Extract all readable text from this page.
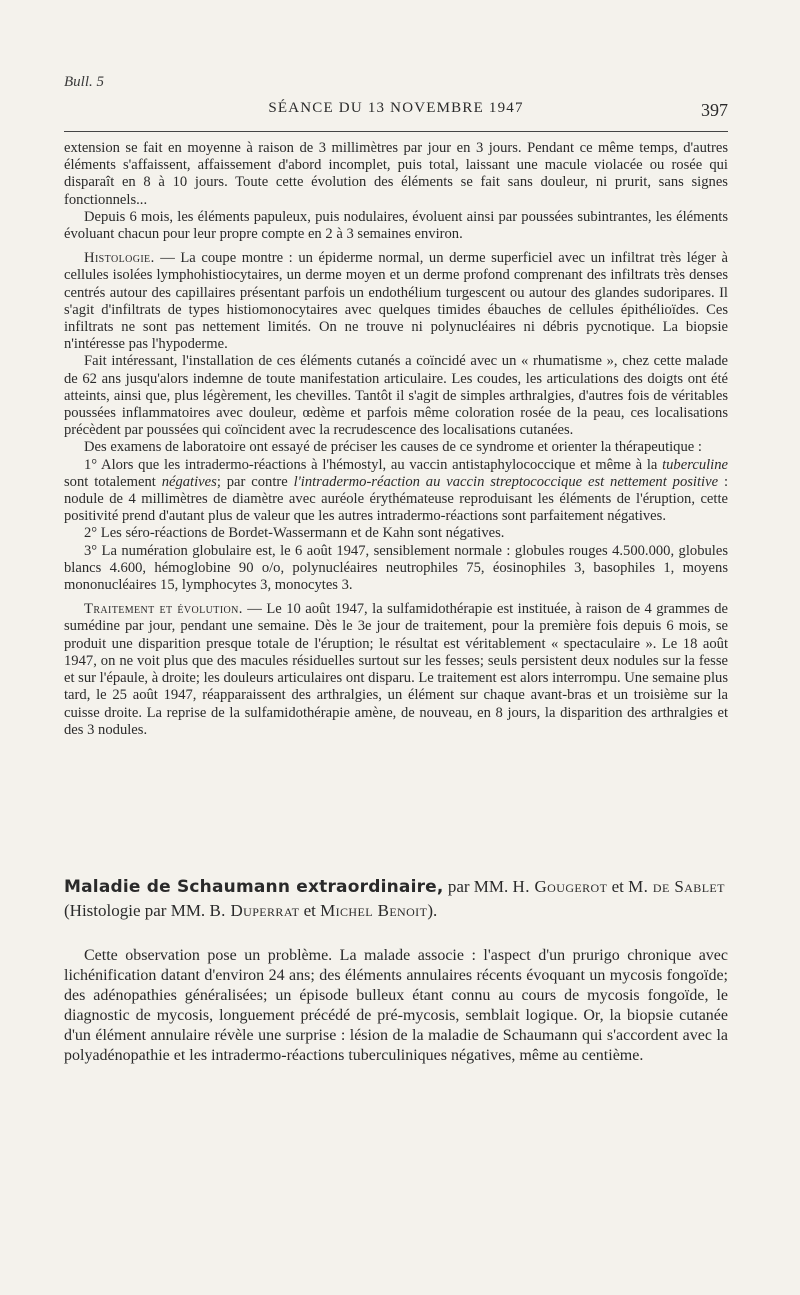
Bull. 5
SÉANCE DU 13 NOVEMBRE 1947	397

extension se fait en moyenne à raison de 3 millimètres par jour en 3 jours. Pendant ce même temps, d'autres éléments s'affaissent, affaissement d'abord incomplet, puis total, laissant une macule violacée ou rosée qui disparaît en 8 à 10 jours. Toute cette évolution des éléments se fait sans douleur, ni prurit, sans signes fonctionnels...

Depuis 6 mois, les éléments papuleux, puis nodulaires, évoluent ainsi par poussées subintrantes, les éléments évoluant chacun pour leur propre compte en 2 à 3 semaines environ.

Histologie. — La coupe montre : un épiderme normal, un derme superficiel avec un infiltrat très léger à cellules isolées lymphohistiocytaires, un derme moyen et un derme profond comprenant des infiltrats très denses centrés autour des capillaires présentant parfois un endothélium turgescent ou autour des glandes sudoripares. Il s'agit d'infiltrats de types histiomonocytaires avec quelques timides ébauches de cellules épithélioïdes. Ces infiltrats ne sont pas nettement limités. On ne trouve ni polynucléaires ni débris pycnotique. La biopsie n'intéresse pas l'hypoderme.

Fait intéressant, l'installation de ces éléments cutanés a coïncidé avec un « rhumatisme », chez cette malade de 62 ans jusqu'alors indemne de toute manifestation articulaire. Les coudes, les articulations des doigts ont été atteints, ainsi que, plus légèrement, les chevilles. Tantôt il s'agit de simples arthralgies, d'autres fois de véritables poussées inflammatoires avec douleur, œdème et parfois même coloration rosée de la peau, ces localisations précèdent par poussées qui coïncident avec la recrudescence des localisations cutanées.

Des examens de laboratoire ont essayé de préciser les causes de ce syndrome et orienter la thérapeutique :

1° Alors que les intradermo-réactions à l'hémostyl, au vaccin antistaphylococcique et même à la tuberculine sont totalement négatives; par contre l'intradermo-réaction au vaccin streptococcique est nettement positive : nodule de 4 millimètres de diamètre avec auréole érythémateuse reproduisant les éléments de l'éruption, cette positivité prend d'autant plus de valeur que les autres intradermo-réactions sont parfaitement négatives.

2° Les séro-réactions de Bordet-Wassermann et de Kahn sont négatives.

3° La numération globulaire est, le 6 août 1947, sensiblement normale : globules rouges 4.500.000, globules blancs 4.600, hémoglobine 90 o/o, polynucléaires neutrophiles 75, éosinophiles 3, basophiles 1, moyens mononucléaires 15, lymphocytes 3, monocytes 3.

Traitement et évolution. — Le 10 août 1947, la sulfamidothérapie est instituée, à raison de 4 grammes de sumédine par jour, pendant une semaine. Dès le 3e jour de traitement, pour la première fois depuis 6 mois, se produit une disparition presque totale de l'éruption; le résultat est véritablement « spectaculaire ». Le 18 août 1947, on ne voit plus que des macules résiduelles surtout sur les fesses; seuls persistent deux nodules sur la fesse et sur l'épaule, à droite; les douleurs articulaires ont disparu. Le traitement est alors interrompu. Une semaine plus tard, le 25 août 1947, réapparaissent des arthralgies, un élément sur chaque avant-bras et un troisième sur la cuisse droite. La reprise de la sulfamidothérapie amène, de nouveau, en 8 jours, la disparition des arthralgies et des 3 nodules.

Maladie de Schaumann extraordinaire, par MM. H. Gougerot et M. de Sablet (Histologie par MM. B. Duperrat et Michel Benoit).

Cette observation pose un problème. La malade associe : l'aspect d'un prurigo chronique avec lichénification datant d'environ 24 ans; des éléments annulaires récents évoquant un mycosis fongoïde; des adénopathies généralisées; un épisode bulleux étant connu au cours de mycosis fongoïde, le diagnostic de mycosis, longuement précédé de pré-mycosis, semblait logique. Or, la biopsie cutanée d'un élément annulaire révèle une surprise : lésion de la maladie de Schaumann qui s'accordent avec la polyadénopathie et les intradermo-réactions tuberculiniques négatives, même au centième.
